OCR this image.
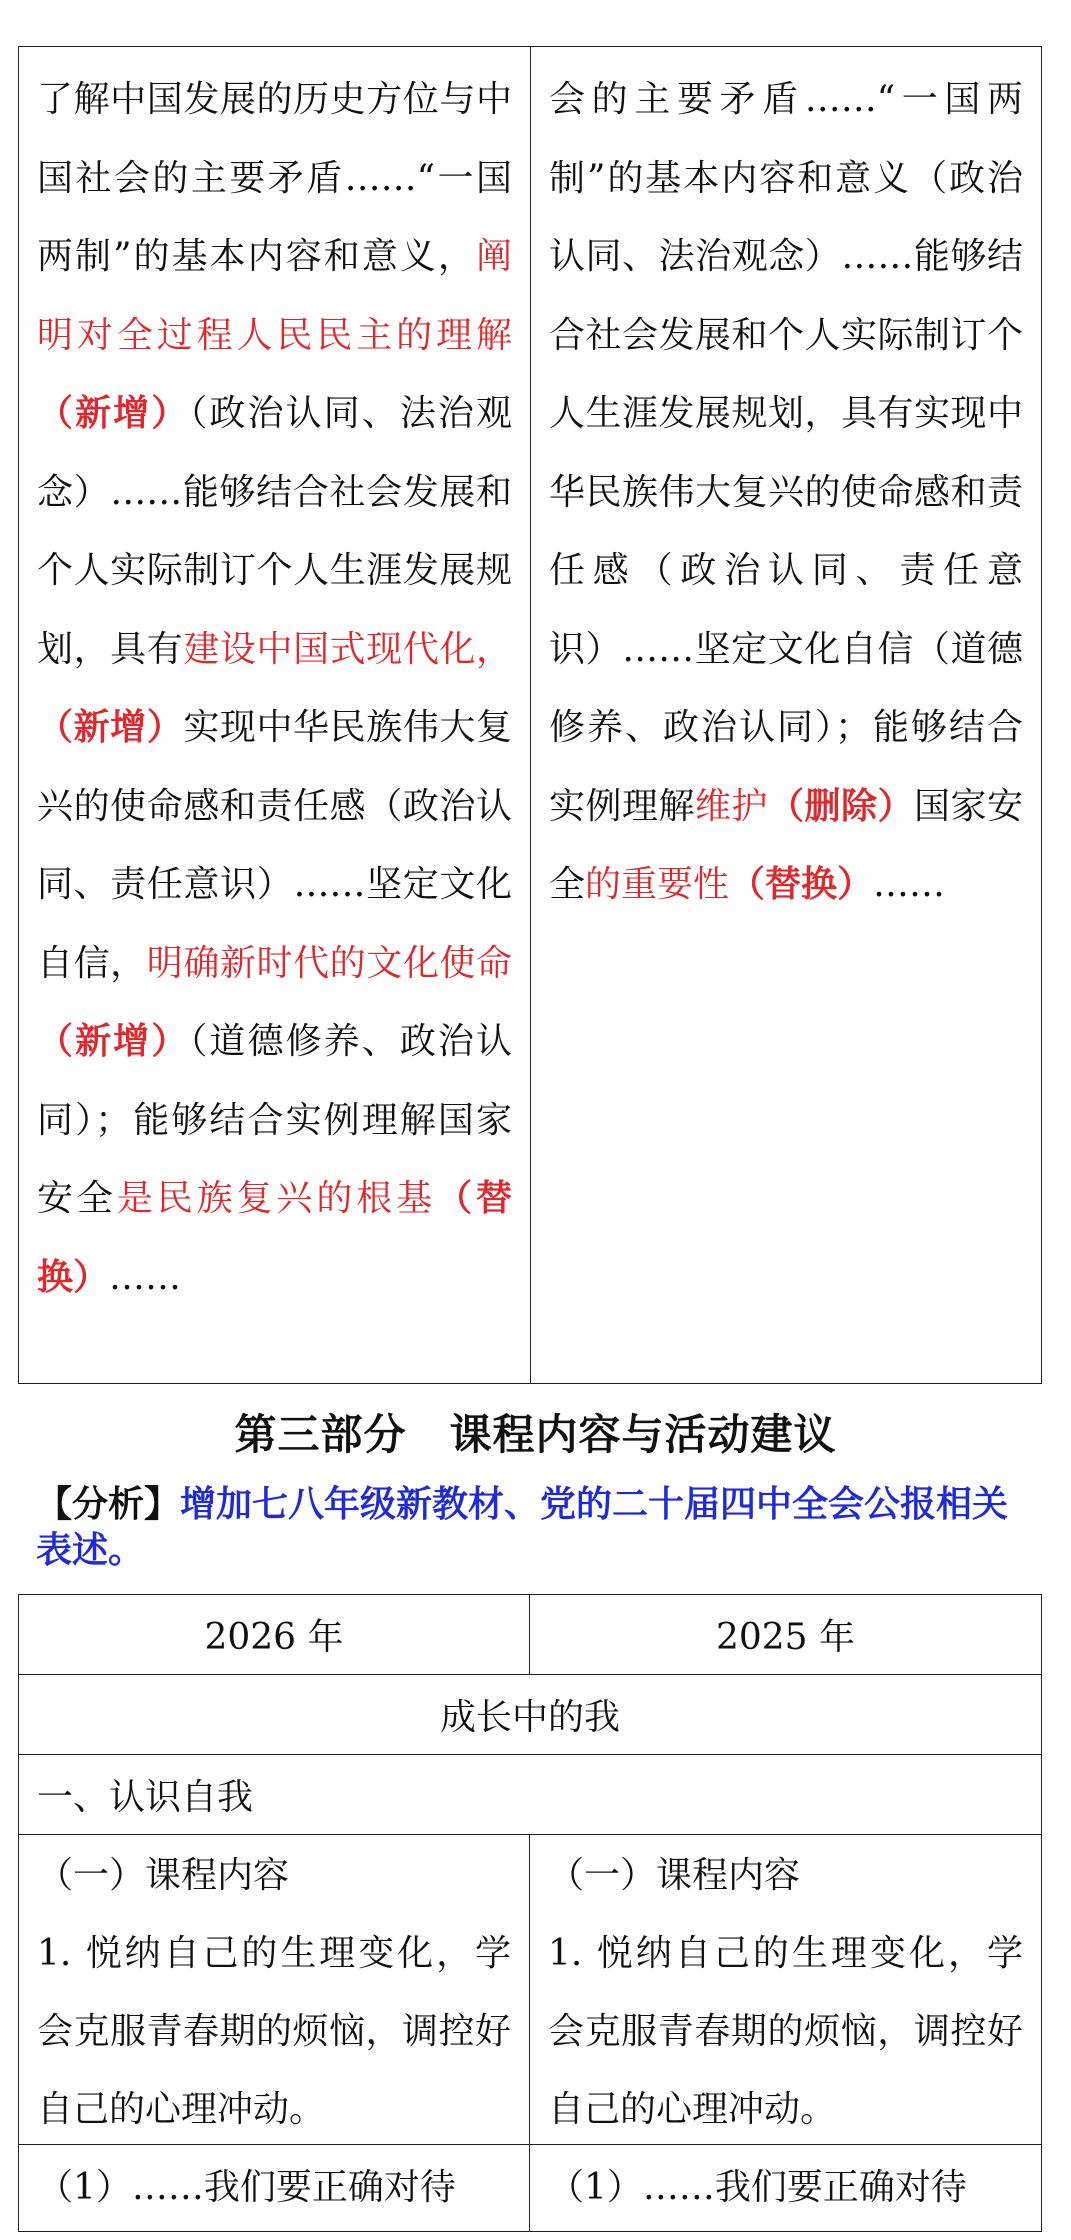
了解中国发展的历史方位与中国社会的主要矛盾……“一国两制”的基本内容和意义，阐明对全过程人民民主的理解（新增）（政治认同、法治观念）……能够结合社会发展和个人实际制订个人生涯发展规划，具有建设中国式现代化，（新增）实现中华民族伟大复兴的使命感和责任感（政治认同、责任意识）……坚定文化自信，明确新时代的文化使命（新增）（道德修养、政治认同）；能够结合实例理解国家安全是民族复兴的根基（替换）……
会的主要矛盾……“一国两制”的基本内容和意义（政治认同、法治观念）……能够结合社会发展和个人实际制订个人生涯发展规划，具有实现中华民族伟大复兴的使命感和责任感（政治认同、责任意识）……坚定文化自信（道德修养、政治认同）；能够结合实例理解维护（删除）国家安全的重要性（替换）……
第三部分　课程内容与活动建议
【分析】增加七八年级新教材、党的二十届四中全会公报相关表述。
2026 年	2025 年
成长中的我
一、认识自我
（一）课程内容
1. 悦纳自己的生理变化，学会克服青春期的烦恼，调控好自己的心理冲动。
（一）课程内容
1. 悦纳自己的生理变化，学会克服青春期的烦恼，调控好自己的心理冲动。
（1）……我们要正确对待	（1）……我们要正确对待
